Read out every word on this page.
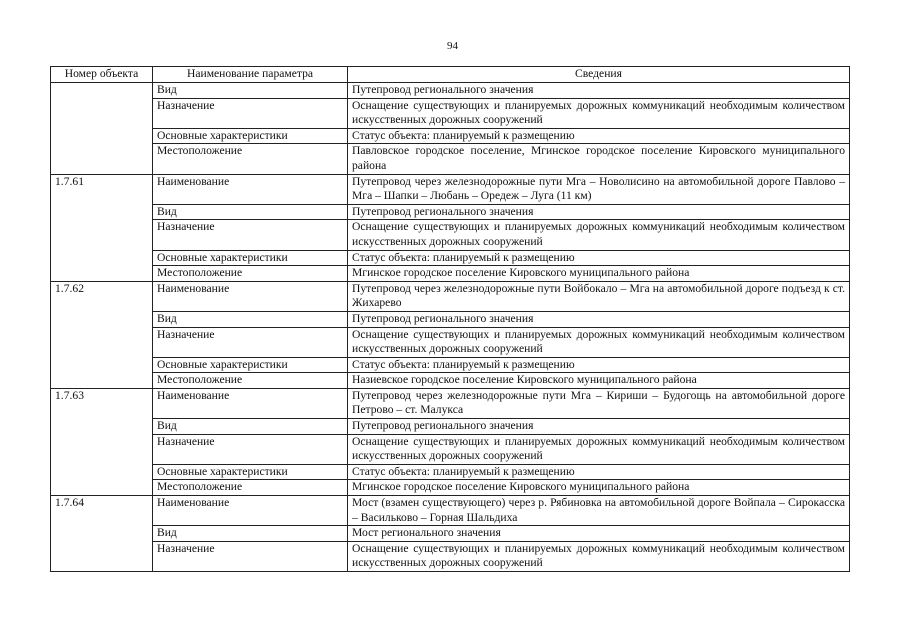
94
Номер объекта	Наименование параметра	Сведения
	Вид	Путепровод регионального значения
	Назначение	Оснащение существующих и планируемых дорожных коммуникаций необходимым количеством искусственных дорожных сооружений
	Основные характеристики	Статус объекта: планируемый к размещению
	Местоположение	Павловское городское поселение, Мгинское городское поселение Кировского муниципального района
1.7.61	Наименование	Путепровод через железнодорожные пути Мга – Новолисино на автомобильной дороге Павлово – Мга – Шапки – Любань – Оредеж – Луга (11 км)
	Вид	Путепровод регионального значения
	Назначение	Оснащение существующих и планируемых дорожных коммуникаций необходимым количеством искусственных дорожных сооружений
	Основные характеристики	Статус объекта: планируемый к размещению
	Местоположение	Мгинское городское поселение Кировского муниципального района
1.7.62	Наименование	Путепровод через железнодорожные пути Войбокало – Мга на автомобильной дороге подъезд к ст. Жихарево
	Вид	Путепровод регионального значения
	Назначение	Оснащение существующих и планируемых дорожных коммуникаций необходимым количеством искусственных дорожных сооружений
	Основные характеристики	Статус объекта: планируемый к размещению
	Местоположение	Назиевское городское поселение Кировского муниципального района
1.7.63	Наименование	Путепровод через железнодорожные пути Мга – Кириши – Будогощь на автомобильной дороге Петрово – ст. Малукса
	Вид	Путепровод регионального значения
	Назначение	Оснащение существующих и планируемых дорожных коммуникаций необходимым количеством искусственных дорожных сооружений
	Основные характеристики	Статус объекта: планируемый к размещению
	Местоположение	Мгинское городское поселение Кировского муниципального района
1.7.64	Наименование	Мост (взамен существующего) через р. Рябиновка на автомобильной дороге Войпала – Сирокасска – Васильково – Горная Шальдиха
	Вид	Мост регионального значения
	Назначение	Оснащение существующих и планируемых дорожных коммуникаций необходимым количеством искусственных дорожных сооружений
